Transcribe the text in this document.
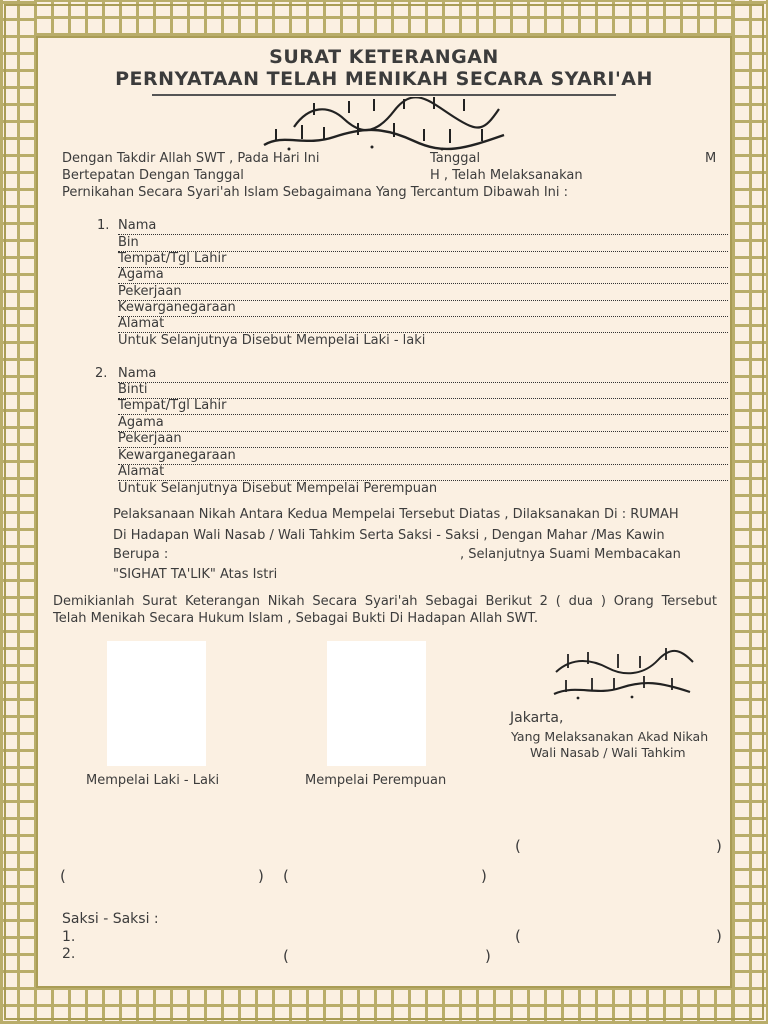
SURAT KETERANGAN
PERNYATAAN TELAH MENIKAH SECARA SYARI'AH
Dengan Takdir Allah SWT , Pada Hari Ini	Tanggal	M
Bertepatan Dengan Tanggal	H , Telah Melaksanakan
Pernikahan Secara Syari'ah Islam Sebagaimana Yang Tercantum Dibawah Ini :
1. Nama
Bin
Tempat/Tgl Lahir
Agama
Pekerjaan
Kewarganegaraan
Alamat
Untuk Selanjutnya Disebut Mempelai Laki - laki
2. Nama
Binti
Tempat/Tgl Lahir
Agama
Pekerjaan
Kewarganegaraan
Alamat
Untuk Selanjutnya Disebut Mempelai Perempuan
Pelaksanaan Nikah Antara Kedua Mempelai Tersebut Diatas , Dilaksanakan Di : RUMAH
Di Hadapan Wali Nasab / Wali Tahkim Serta Saksi - Saksi , Dengan Mahar /Mas Kawin
Berupa :	, Selanjutnya Suami Membacakan
"SIGHAT TA'LIK" Atas Istri
Demikianlah Surat Keterangan Nikah Secara Syari'ah Sebagai Berikut 2 ( dua ) Orang Tersebut
Telah Menikah Secara Hukum Islam , Sebagai Bukti Di Hadapan Allah SWT.
Jakarta,
Yang Melaksanakan Akad Nikah
Wali Nasab / Wali Tahkim
Mempelai Laki - Laki	Mempelai Perempuan
(	)
(	) (	)
Saksi - Saksi :
1.
2.
(	)
(	)
